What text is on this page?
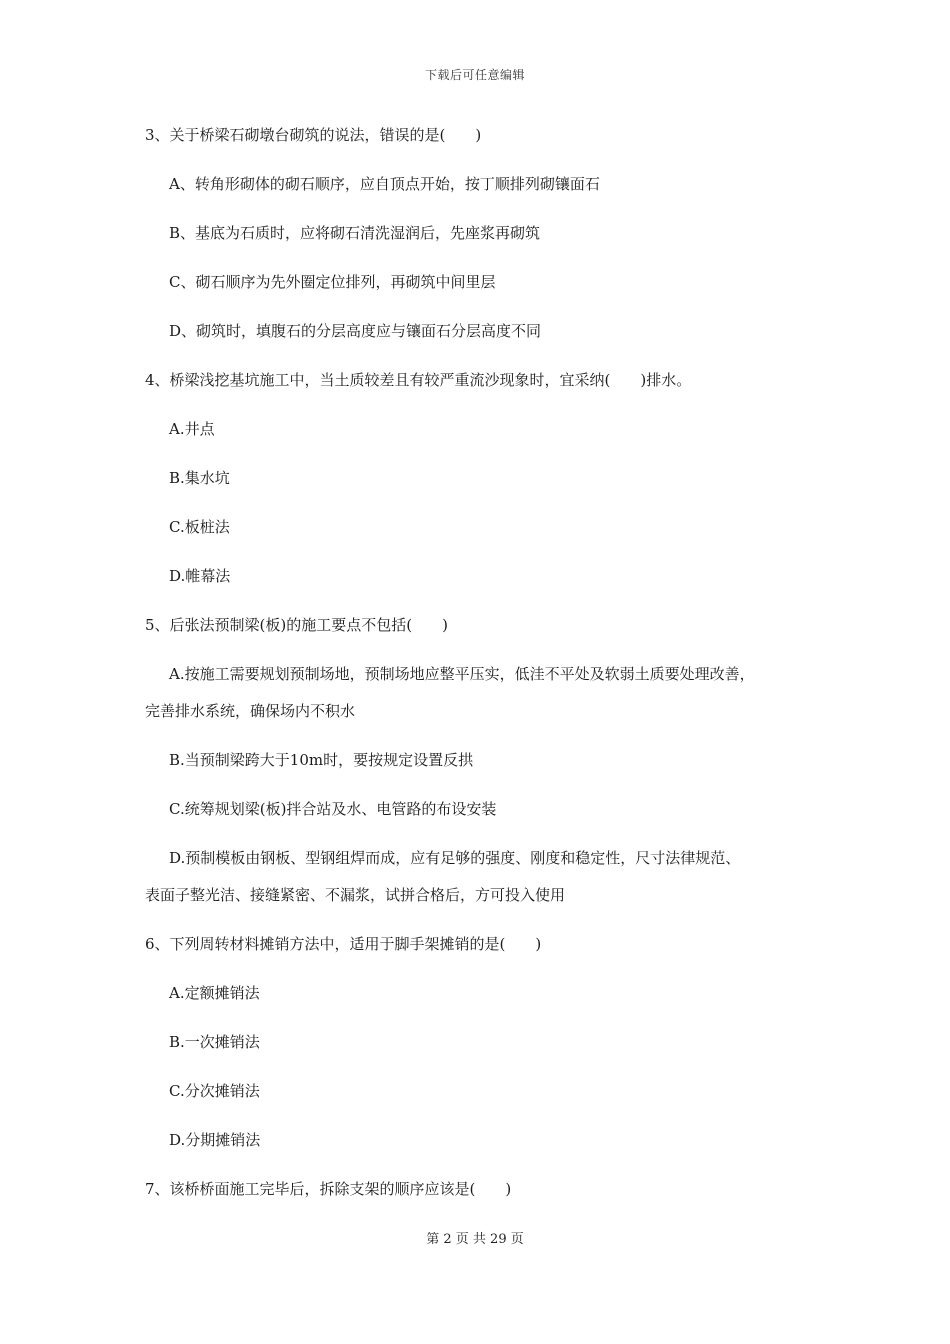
下载后可任意编辑
3、关于桥梁石砌墩台砌筑的说法，错误的是(　　)
A、转角形砌体的砌石顺序，应自顶点开始，按丁顺排列砌镶面石
B、基底为石质时，应将砌石清洗湿润后，先座浆再砌筑
C、砌石顺序为先外圈定位排列，再砌筑中间里层
D、砌筑时，填腹石的分层高度应与镶面石分层高度不同
4、桥梁浅挖基坑施工中，当土质较差且有较严重流沙现象时，宜采纳(　　)排水。
A.井点
B.集水坑
C.板桩法
D.帷幕法
5、后张法预制梁(板)的施工要点不包括(　　)
A.按施工需要规划预制场地，预制场地应整平压实，低洼不平处及软弱土质要处理改善，
完善排水系统，确保场内不积水
B.当预制梁跨大于10m时，要按规定设置反拱
C.统筹规划梁(板)拌合站及水、电管路的布设安装
D.预制模板由钢板、型钢组焊而成，应有足够的强度、刚度和稳定性，尺寸法律规范、
表面子整光洁、接缝紧密、不漏浆，试拼合格后，方可投入使用
6、下列周转材料摊销方法中，适用于脚手架摊销的是(　　)
A.定额摊销法
B.一次摊销法
C.分次摊销法
D.分期摊销法
7、该桥桥面施工完毕后，拆除支架的顺序应该是(　　)
第 2 页 共 29 页
